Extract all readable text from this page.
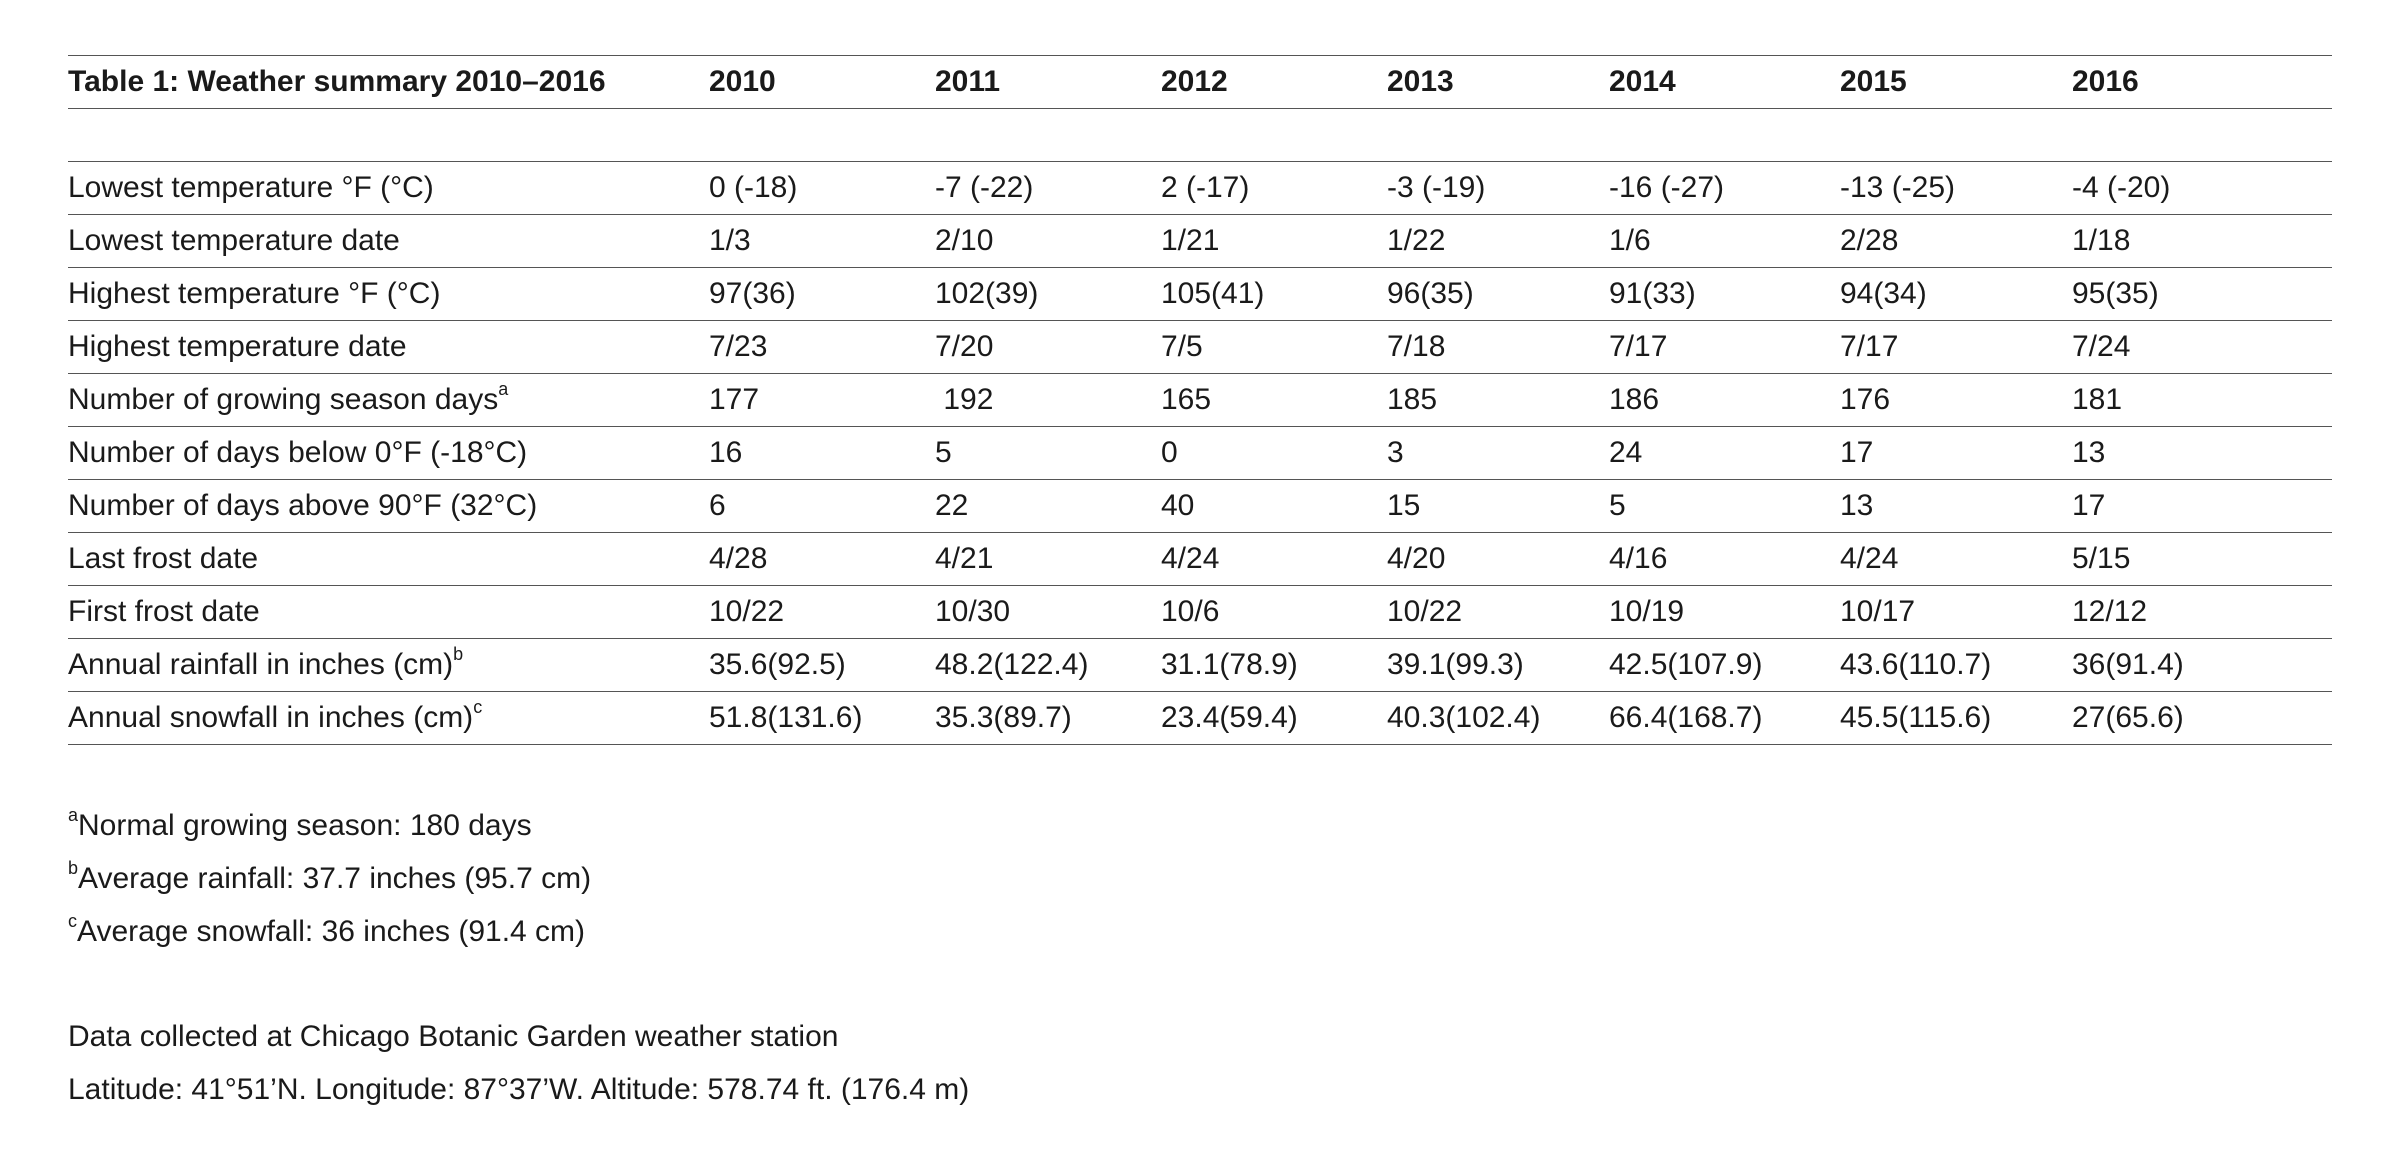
Table 1: Weather summary 2010–2016	2010	2011	2012	2013	2014	2015	2016

Lowest temperature °F (°C)	0 (-18)	-7 (-22)	2 (-17)	-3 (-19)	-16 (-27)	-13 (-25)	-4 (-20)
Lowest temperature date	1/3	2/10	1/21	1/22	1/6	2/28	1/18
Highest temperature °F (°C)	97(36)	102(39)	105(41)	96(35)	91(33)	94(34)	95(35)
Highest temperature date	7/23	7/20	7/5	7/18	7/17	7/17	7/24
Number of growing season days$^a$	177	192	165	185	186	176	181
Number of days below 0°F (-18°C)	16	5	0	3	24	17	13
Number of days above 90°F (32°C)	6	22	40	15	5	13	17
Last frost date	4/28	4/21	4/24	4/20	4/16	4/24	5/15
First frost date	10/22	10/30	10/6	10/22	10/19	10/17	12/12
Annual rainfall in inches (cm)$^b$	35.6(92.5)	48.2(122.4)	31.1(78.9)	39.1(99.3)	42.5(107.9)	43.6(110.7)	36(91.4)
Annual snowfall in inches (cm)$^c$	51.8(131.6)	35.3(89.7)	23.4(59.4)	40.3(102.4)	66.4(168.7)	45.5(115.6)	27(65.6)
$^a$Normal growing season: 180 days
$^b$Average rainfall: 37.7 inches (95.7 cm)
$^c$Average snowfall: 36 inches (91.4 cm)
Data collected at Chicago Botanic Garden weather station
Latitude: 41°51’N. Longitude: 87°37’W. Altitude: 578.74 ft. (176.4 m)
